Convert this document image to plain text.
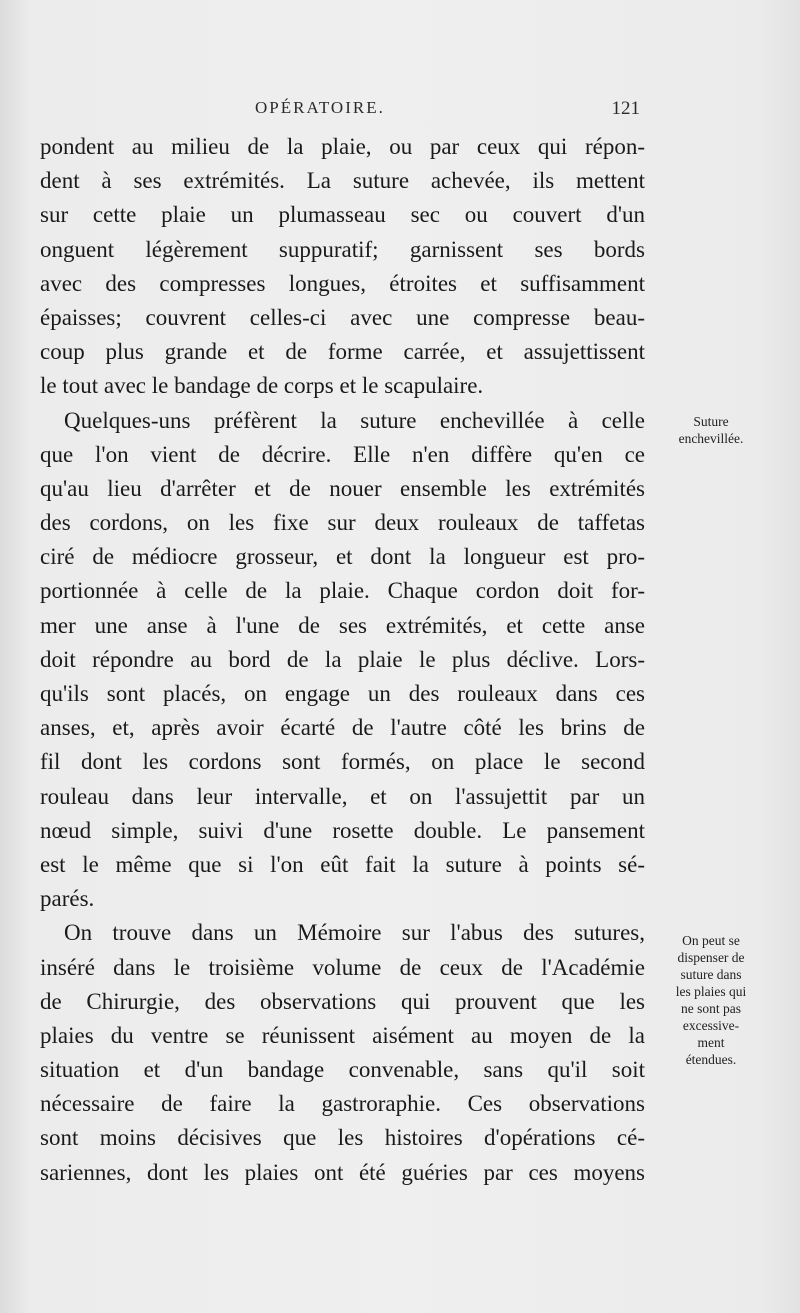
OPÉRATOIRE.	121
pondent au milieu de la plaie, ou par ceux qui répon-
dent à ses extrémités. La suture achevée, ils mettent
sur cette plaie un plumasseau sec ou couvert d'un
onguent légèrement suppuratif; garnissent ses bords
avec des compresses longues, étroites et suffisamment
épaisses; couvrent celles-ci avec une compresse beau-
coup plus grande et de forme carrée, et assujettissent
le tout avec le bandage de corps et le scapulaire.
Quelques-uns préfèrent la suture enchevillée à celle
que l'on vient de décrire. Elle n'en diffère qu'en ce
qu'au lieu d'arrêter et de nouer ensemble les extrémités
des cordons, on les fixe sur deux rouleaux de taffetas
ciré de médiocre grosseur, et dont la longueur est pro-
portionnée à celle de la plaie. Chaque cordon doit for-
mer une anse à l'une de ses extrémités, et cette anse
doit répondre au bord de la plaie le plus déclive. Lors-
qu'ils sont placés, on engage un des rouleaux dans ces
anses, et, après avoir écarté de l'autre côté les brins de
fil dont les cordons sont formés, on place le second
rouleau dans leur intervalle, et on l'assujettit par un
nœud simple, suivi d'une rosette double. Le pansement
est le même que si l'on eût fait la suture à points sé-
parés.
On trouve dans un Mémoire sur l'abus des sutures,
inséré dans le troisième volume de ceux de l'Académie
de Chirurgie, des observations qui prouvent que les
plaies du ventre se réunissent aisément au moyen de la
situation et d'un bandage convenable, sans qu'il soit
nécessaire de faire la gastroraphie. Ces observations
sont moins décisives que les histoires d'opérations cé-
sariennes, dont les plaies ont été guéries par ces moyens
Suture
enchevillée.
On peut se
dispenser de
suture dans
les plaies qui
ne sont pas
excessive-
ment
étendues.
